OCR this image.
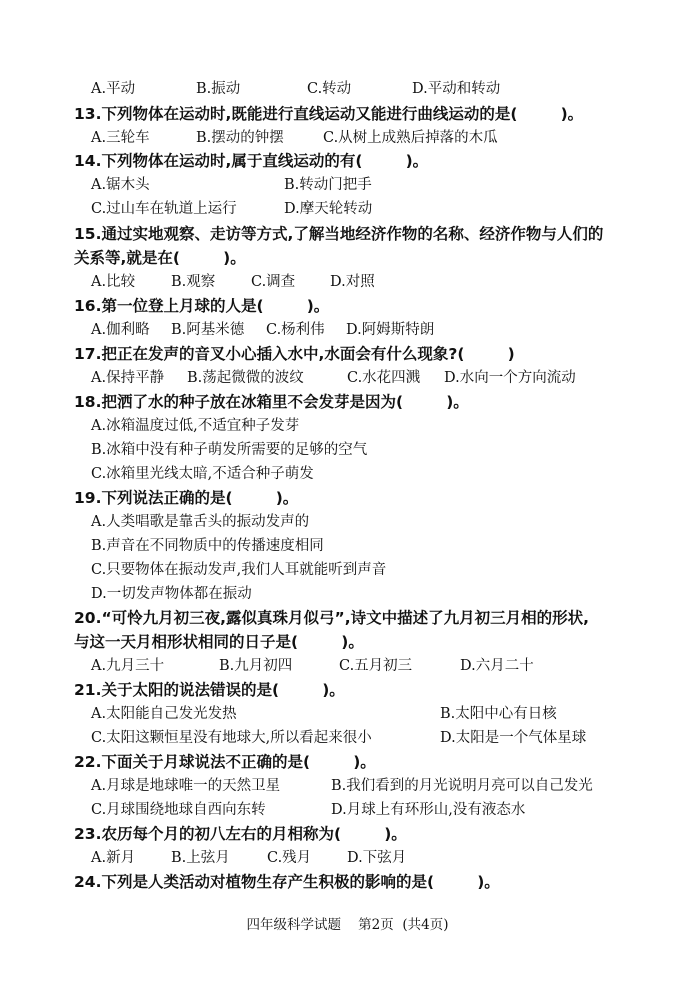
A.平动	B.振动	C.转动	D.平动和转动
13.下列物体在运动时,既能进行直线运动又能进行曲线运动的是(        )。
A.三轮车	B.摆动的钟摆	C.从树上成熟后掉落的木瓜
14.下列物体在运动时,属于直线运动的有(        )。
A.锯木头	B.转动门把手
C.过山车在轨道上运行	D.摩天轮转动
15.通过实地观察、走访等方式,了解当地经济作物的名称、经济作物与人们的
关系等,就是在(        )。
A.比较 B.观察 C.调查 D.对照
16.第一位登上月球的人是(        )。
A.伽利略 B.阿基米德 C.杨利伟 D.阿姆斯特朗
17.把正在发声的音叉小心插入水中,水面会有什么现象?(        )
A.保持平静 B.荡起微微的波纹	C.水花四溅 D.水向一个方向流动
18.把洒了水的种子放在冰箱里不会发芽是因为(        )。
A.冰箱温度过低,不适宜种子发芽
B.冰箱中没有种子萌发所需要的足够的空气
C.冰箱里光线太暗,不适合种子萌发
19.下列说法正确的是(        )。
A.人类唱歌是靠舌头的振动发声的
B.声音在不同物质中的传播速度相同
C.只要物体在振动发声,我们人耳就能听到声音
D.一切发声物体都在振动
20.“可怜九月初三夜,露似真珠月似弓”,诗文中描述了九月初三月相的形状,
与这一天月相形状相同的日子是(        )。
A.九月三十	B.九月初四	C.五月初三	D.六月二十
21.关于太阳的说法错误的是(        )。
A.太阳能自己发光发热	B.太阳中心有日核
C.太阳这颗恒星没有地球大,所以看起来很小	D.太阳是一个气体星球
22.下面关于月球说法不正确的是(        )。
A.月球是地球唯一的天然卫星	B.我们看到的月光说明月亮可以自己发光
C.月球围绕地球自西向东转	D.月球上有环形山,没有液态水
23.农历每个月的初八左右的月相称为(        )。
A.新月 B.上弦月	C.残月 D.下弦月
24.下列是人类活动对植物生存产生积极的影响的是(        )。
四年级科学试题    第2页  (共4页)
